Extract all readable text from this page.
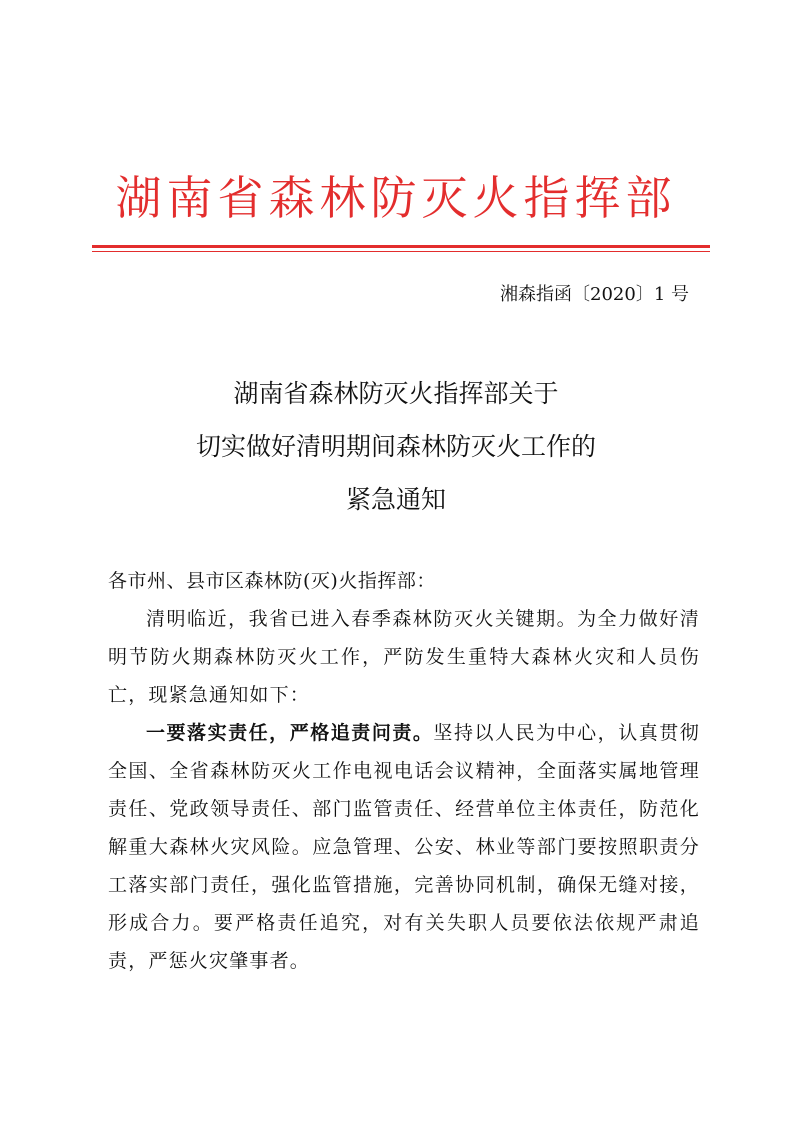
湖南省森林防灭火指挥部
湘森指函〔2020〕1 号
湖南省森林防灭火指挥部关于
切实做好清明期间森林防灭火工作的
紧急通知
各市州、县市区森林防(灭)火指挥部：
清明临近，我省已进入春季森林防灭火关键期。为全力做好清明节防火期森林防灭火工作，严防发生重特大森林火灾和人员伤亡，现紧急通知如下：
一要落实责任，严格追责问责。坚持以人民为中心，认真贯彻全国、全省森林防灭火工作电视电话会议精神，全面落实属地管理责任、党政领导责任、部门监管责任、经营单位主体责任，防范化解重大森林火灾风险。应急管理、公安、林业等部门要按照职责分工落实部门责任，强化监管措施，完善协同机制，确保无缝对接，形成合力。要严格责任追究，对有关失职人员要依法依规严肃追责，严惩火灾肇事者。
